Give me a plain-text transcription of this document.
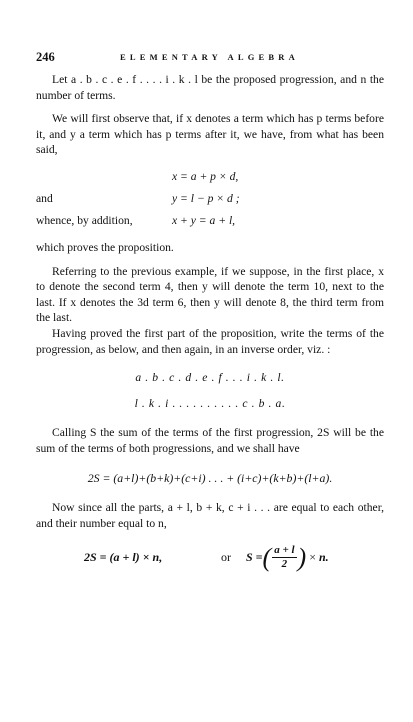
246	ELEMENTARY ALGEBRA

Let a . b . c . e . f . . . . i . k . l be the proposed progression, and n the number of terms.

We will first observe that, if x denotes a term which has p terms before it, and y a term which has p terms after it, we have, from what has been said,

x = a + p × d,
and	y = l − p × d ;
whence, by addition,	x + y = a + l,

which proves the proposition.

Referring to the previous example, if we suppose, in the first place, x to denote the second term 4, then y will denote the term 10, next to the last. If x denotes the 3d term 6, then y will denote 8, the third term from the last.

Having proved the first part of the proposition, write the terms of the progression, as below, and then again, in an inverse order, viz. :

a . b . c . d . e . f . . . i . k . l.
l . k . i . . . . . . . . . . c . b . a.

Calling S the sum of the terms of the first progression, 2S will be the sum of the terms of both progressions, and we shall have

2S = (a+l)+(b+k)+(c+i) . . . + (i+c)+(k+b)+(l+a).

Now since all the parts, a + l, b + k, c + i . . . are equal to each other, and their number equal to n,

2S = (a + l) × n,	or S = ( $\frac{a + l}{2}$ ) × n.
